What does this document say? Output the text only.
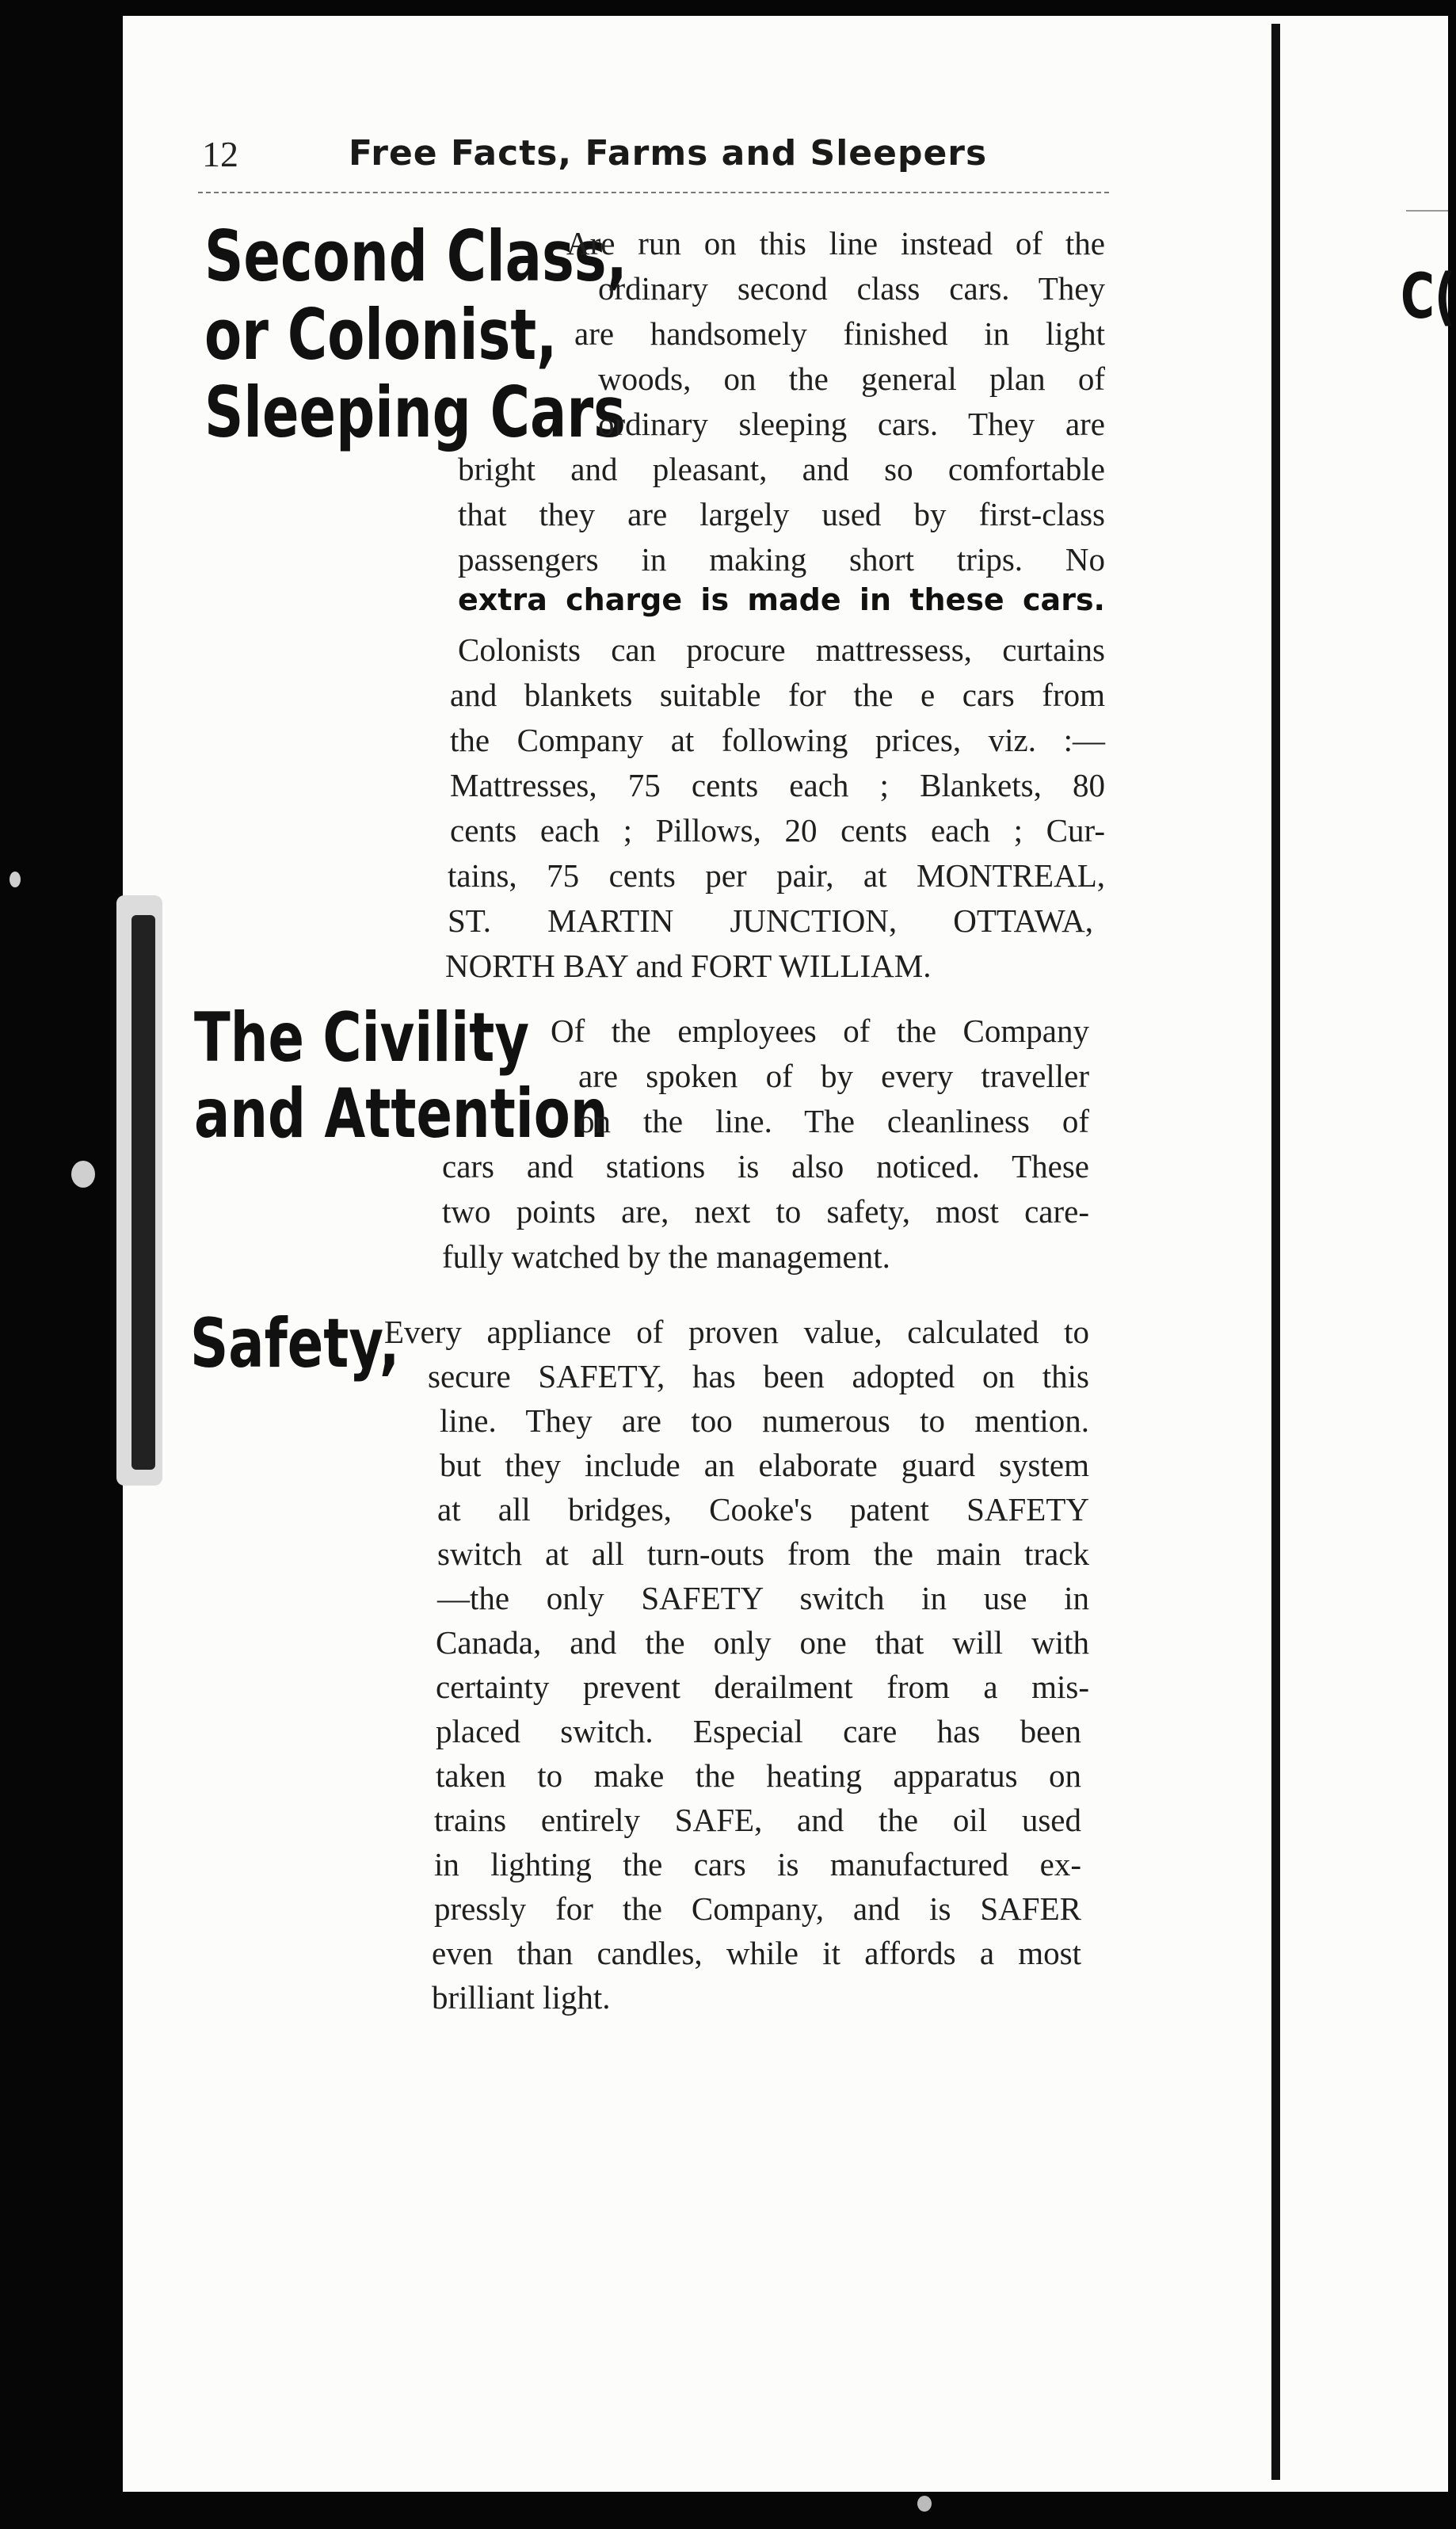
C(
12	Free Facts, Farms and Sleepers
Second Class,
or Colonist,
Sleeping Cars
Are run on this line instead of the
ordinary second class cars. They
are handsomely finished in light
woods, on the general plan of
ordinary sleeping cars. They are
bright and pleasant, and so comfortable
that they are largely used by first-class
passengers in making short trips. No
extra charge is made in these cars.
Colonists can procure mattressess, curtains
and blankets suitable for the e cars from
the Company at following prices, viz. :—
Mattresses, 75 cents each ; Blankets, 80
cents each ; Pillows, 20 cents each ; Cur-
tains, 75 cents per pair, at MONTREAL,
ST. MARTIN JUNCTION, OTTAWA,
NORTH BAY and FORT WILLIAM.
The Civility
and Attention
Of the employees of the Company
are spoken of by every traveller
on the line. The cleanliness of
cars and stations is also noticed. These
two points are, next to safety, most care-
fully watched by the management.
Safety,
Every appliance of proven value, calculated to
secure SAFETY, has been adopted on this
line. They are too numerous to mention.
but they include an elaborate guard system
at all bridges, Cooke's patent SAFETY
switch at all turn-outs from the main track
—the only SAFETY switch in use in
Canada, and the only one that will with
certainty prevent derailment from a mis-
placed switch. Especial care has been
taken to make the heating apparatus on
trains entirely SAFE, and the oil used
in lighting the cars is manufactured ex-
pressly for the Company, and is SAFER
even than candles, while it affords a most
brilliant light.
